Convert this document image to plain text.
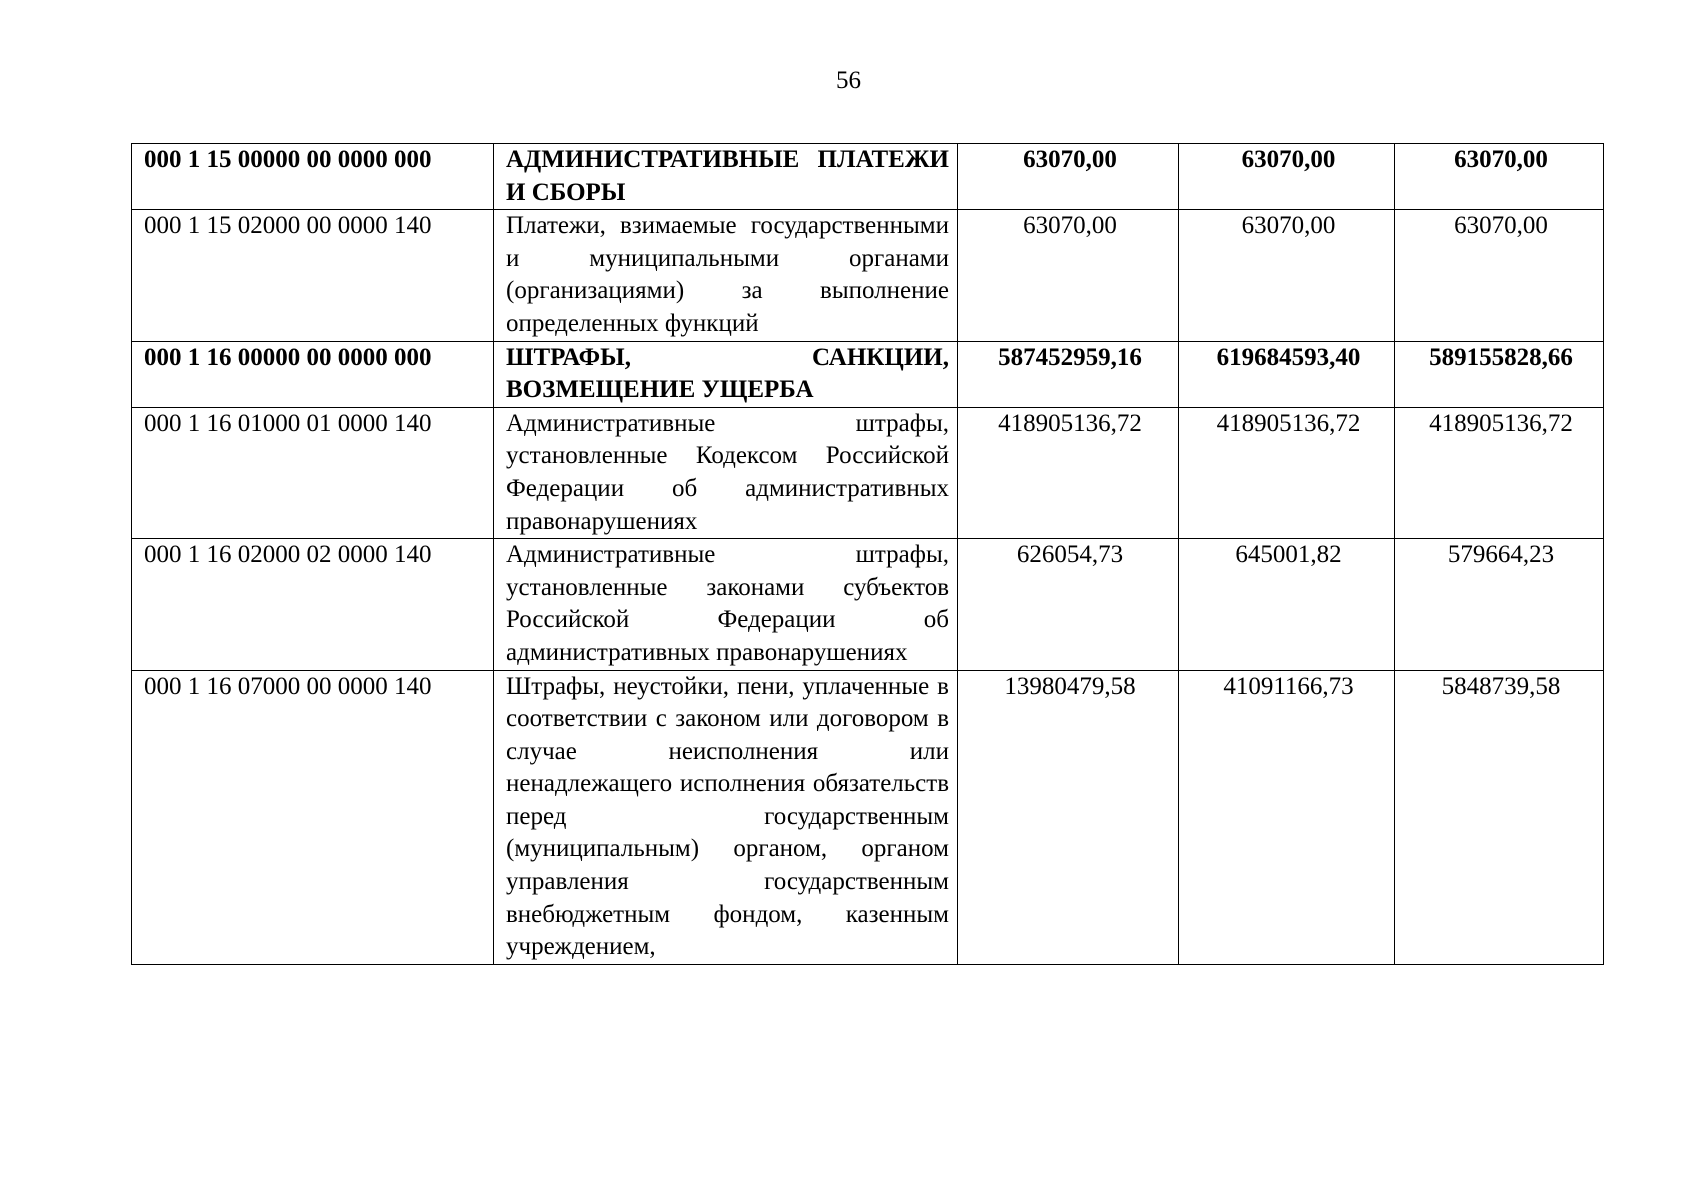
56
000 1 15 00000 00 0000 000	АДМИНИСТРАТИВНЫЕ ПЛАТЕЖИ И СБОРЫ	63070,00	63070,00	63070,00
000 1 15 02000 00 0000 140	Платежи, взимаемые государственными и муниципальными органами (организациями) за выполнение определенных функций	63070,00	63070,00	63070,00
000 1 16 00000 00 0000 000	ШТРАФЫ, САНКЦИИ, ВОЗМЕЩЕНИЕ УЩЕРБА	587452959,16	619684593,40	589155828,66
000 1 16 01000 01 0000 140	Административные штрафы, установленные Кодексом Российской Федерации об административных правонарушениях	418905136,72	418905136,72	418905136,72
000 1 16 02000 02 0000 140	Административные штрафы, установленные законами субъектов Российской Федерации об административных правонарушениях	626054,73	645001,82	579664,23
000 1 16 07000 00 0000 140	Штрафы, неустойки, пени, уплаченные в соответствии с законом или договором в случае неисполнения или ненадлежащего исполнения обязательств перед государственным (муниципальным) органом, органом управления государственным внебюджетным фондом, казенным учреждением,	13980479,58	41091166,73	5848739,58
